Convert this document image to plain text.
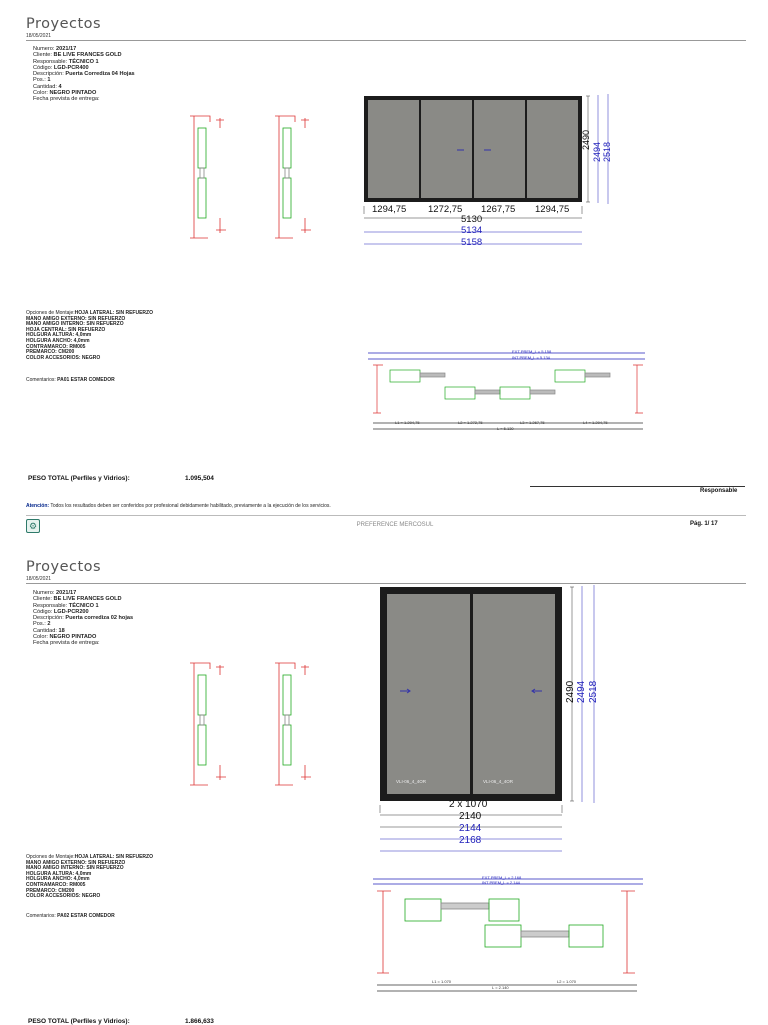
Proyectos
18/05/2021
Numero: 2021/17
Cliente: BE LIVE FRANCES GOLD
Responsable: TÉCNICO 1
Código: LGD-PCR400
Descripción: Puerta Corrediza 04 Hojas
Pos.: 1
Cantidad: 4
Color: NEGRO PINTADO
Fecha prevista de entrega:
2490
2494 2518
1294,75 1272,75 1267,75 1294,75
5130
5134
5158
Opciones de Montaje:HOJA LATERAL: SIN REFUERZO
MANO AMIGO EXTERNO: SIN REFUERZO
MANO AMIGO INTERNO: SIN REFUERZO
HOJA CENTRAL: SIN REFUERZO
HOLGURA ALTURA: 4,0mm
HOLGURA ANCHO: 4,0mm
CONTRAMARCO: RM005
PREMARCO: CM200
COLOR ACCESORIOS: NEGRO
Comentarios: PA01 ESTAR COMEDOR
EXT PREM_L = 5.158
INT PREM_L = 5.134
L1 = 1.294,75	L2 = 1.272,75	L3 = 1.267,75	L4 = 1.294,75
L = 5.130
PESO TOTAL (Perfiles y Vidrios):	1.095,504
Responsable
Atención: Todos los resultados deben ser conferidos por profesional debidamente habilitado, previamente a la ejecución de los servicios.
⚙	PREFERENCE MERCOSUL	Pág. 1/ 17
Proyectos
18/05/2021
Numero: 2021/17
Cliente: BE LIVE FRANCES GOLD
Responsable: TÉCNICO 1
Código: LGD-PCR200
Descripción: Puerta corrediza 02 hojas
Pos.: 2
Cantidad: 18
Color: NEGRO PINTADO
Fecha prevista de entrega:
VLI-06_4_4OR	VLI-06_4_4OR
2490 2494 2518
2 x 1070
2140
2144
2168
Opciones de Montaje:HOJA LATERAL: SIN REFUERZO
MANO AMIGO EXTERNO: SIN REFUERZO
MANO AMIGO INTERNO: SIN REFUERZO
HOLGURA ALTURA: 4,0mm
HOLGURA ANCHO: 4,0mm
CONTRAMARCO: RM005
PREMARCO: CM200
COLOR ACCESORIOS: NEGRO
Comentarios: PA02 ESTAR COMEDOR
EXT PREM_L = 2.168
INT PREM_L = 2.144
L1 = 1.070	L2 = 1.070
L = 2.140
PESO TOTAL (Perfiles y Vidrios):	1.866,633
